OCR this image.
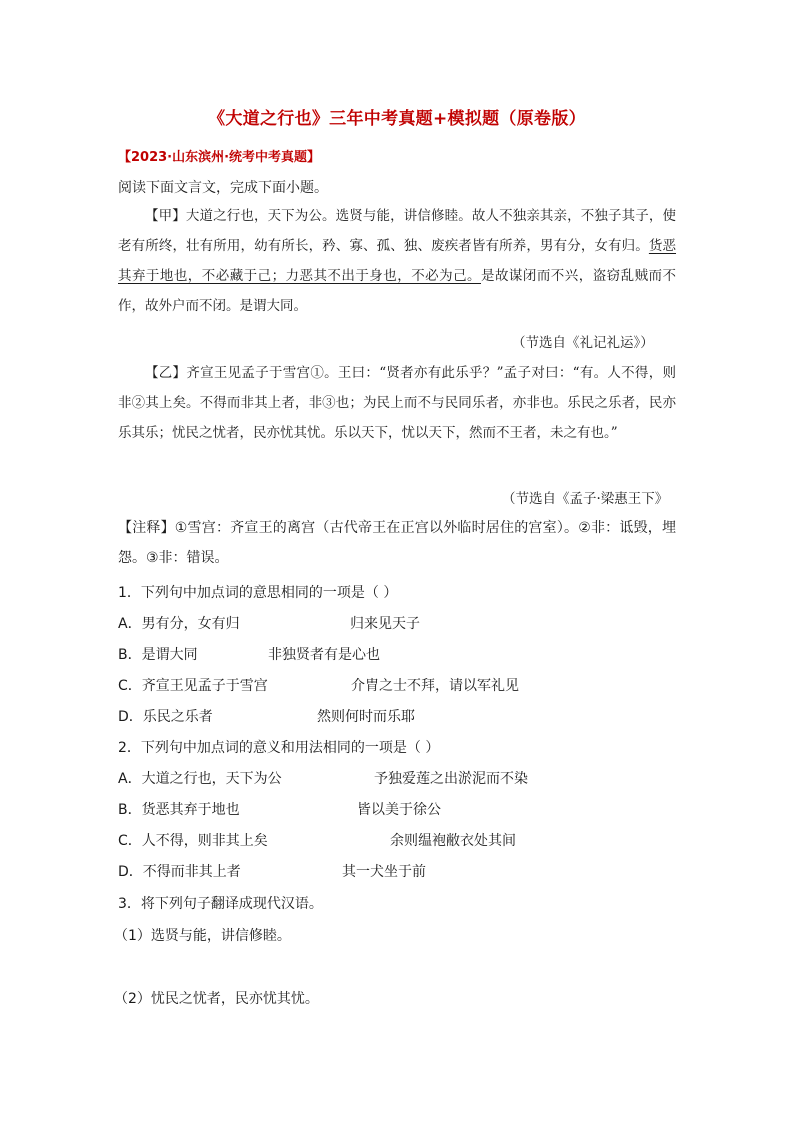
《大道之行也》三年中考真题+模拟题（原卷版）
【2023·山东滨州·统考中考真题】
阅读下面文言文，完成下面小题。
【甲】大道之行也，天下为公。选贤与能，讲信修睦。故人不独亲其亲，不独子其子，使老有所终，壮有所用，幼有所长，矜、寡、孤、独、废疾者皆有所养，男有分，女有归。货恶其弃于地也，不必藏于己；力恶其不出于身也，不必为己。是故谋闭而不兴，盗窃乱贼而不作，故外户而不闭。是谓大同。
（节选自《礼记礼运》）
【乙】齐宣王见孟子于雪宫①。王曰：“贤者亦有此乐乎？”孟子对曰：“有。人不得，则非②其上矣。不得而非其上者，非③也；为民上而不与民同乐者，亦非也。乐民之乐者，民亦乐其乐；忧民之忧者，民亦忧其忧。乐以天下，忧以天下，然而不王者，未之有也。”
（节选自《孟子·梁惠王下》
【注释】①雪宫：齐宣王的离宫（古代帝王在正宫以外临时居住的宫室）。②非：诋毁，埋怨。③非：错误。
1．下列句中加点词的意思相同的一项是（ ）
A．男有分，女有归	归来见天子
B．是谓大同	非独贤者有是心也
C．齐宣王见孟子于雪宫	介胄之士不拜，请以军礼见
D．乐民之乐者	然则何时而乐耶
2．下列句中加点词的意义和用法相同的一项是（ ）
A．大道之行也，天下为公	予独爱莲之出淤泥而不染
B．货恶其弃于地也	皆以美于徐公
C．人不得，则非其上矣	余则缊袍敝衣处其间
D．不得而非其上者	其一犬坐于前
3．将下列句子翻译成现代汉语。
（1）选贤与能，讲信修睦。
（2）忧民之忧者，民亦忧其忧。
